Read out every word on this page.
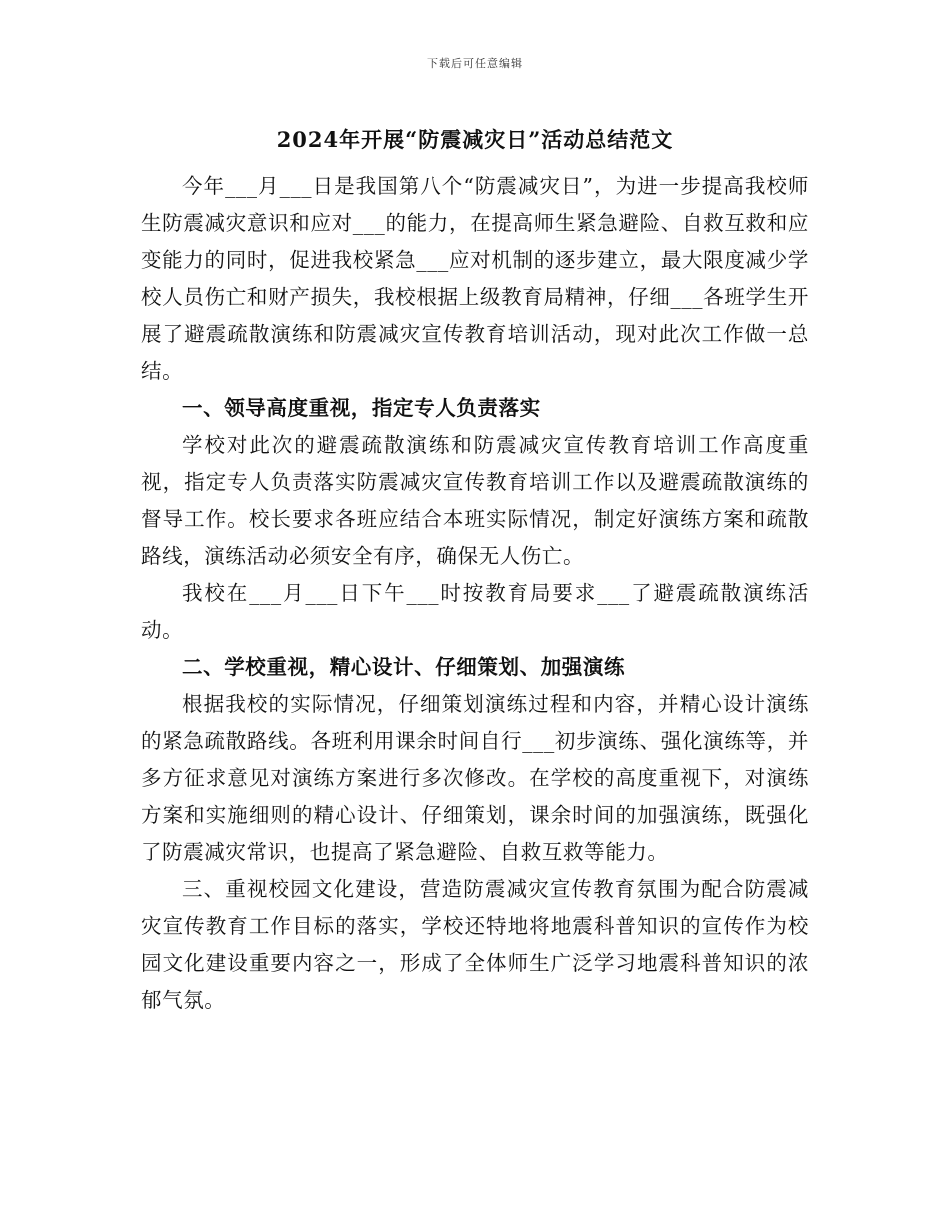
下载后可任意编辑
2024年开展“防震减灾日”活动总结范文

今年___月___日是我国第八个“防震减灾日”，为进一步提高我校师生防震减灾意识和应对___的能力，在提高师生紧急避险、自救互救和应变能力的同时，促进我校紧急___应对机制的逐步建立，最大限度减少学校人员伤亡和财产损失，我校根据上级教育局精神，仔细___各班学生开展了避震疏散演练和防震减灾宣传教育培训活动，现对此次工作做一总结。

一、领导高度重视，指定专人负责落实

学校对此次的避震疏散演练和防震减灾宣传教育培训工作高度重视，指定专人负责落实防震减灾宣传教育培训工作以及避震疏散演练的督导工作。校长要求各班应结合本班实际情况，制定好演练方案和疏散路线，演练活动必须安全有序，确保无人伤亡。

我校在___月___日下午___时按教育局要求___了避震疏散演练活动。

二、学校重视，精心设计、仔细策划、加强演练

根据我校的实际情况，仔细策划演练过程和内容，并精心设计演练的紧急疏散路线。各班利用课余时间自行___初步演练、强化演练等，并多方征求意见对演练方案进行多次修改。在学校的高度重视下，对演练方案和实施细则的精心设计、仔细策划，课余时间的加强演练，既强化了防震减灾常识，也提高了紧急避险、自救互救等能力。

三、重视校园文化建设，营造防震减灾宣传教育氛围为配合防震减灾宣传教育工作目标的落实，学校还特地将地震科普知识的宣传作为校园文化建设重要内容之一，形成了全体师生广泛学习地震科普知识的浓郁气氛。
